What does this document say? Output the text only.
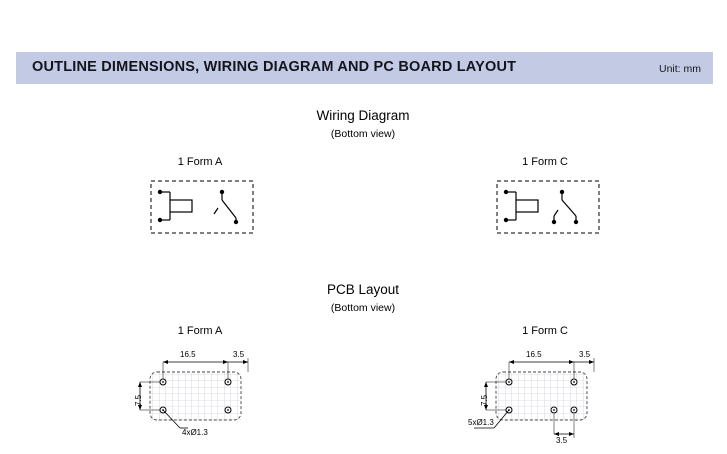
OUTLINE DIMENSIONS, WIRING DIAGRAM AND PC BOARD LAYOUT	Unit: mm
Wiring Diagram
(Bottom view)
1 Form A	1 Form C
PCB Layout
(Bottom view)
1 Form A	1 Form C
16.5	3.5
7.5
4xØ1.3
16.5	3.5
7.5
5xØ1.3
3.5
